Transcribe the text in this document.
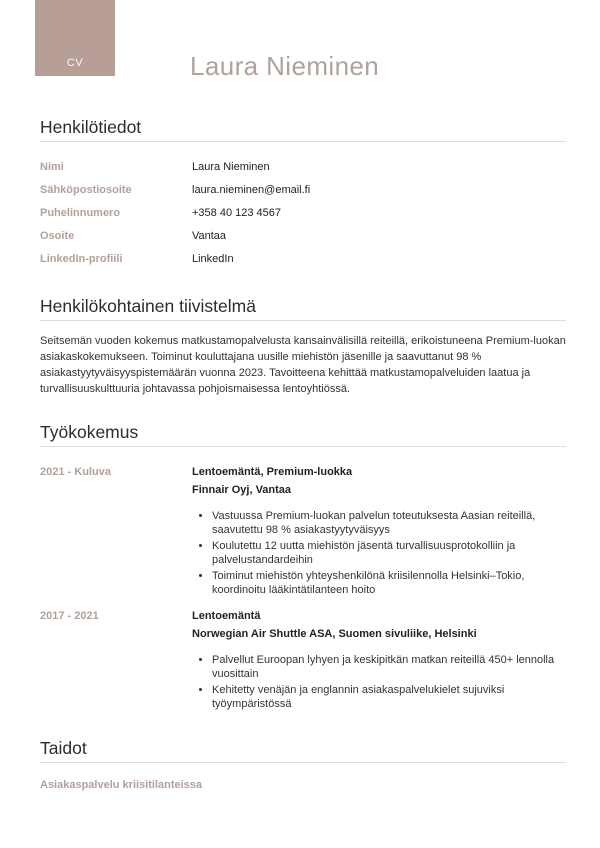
CV	Laura Nieminen
Henkilötiedot
Nimi	Laura Nieminen
Sähköpostiosoite	laura.nieminen@email.fi
Puhelinnumero	+358 40 123 4567
Osoite	Vantaa
LinkedIn-profiili	LinkedIn
Henkilökohtainen tiivistelmä

Seitsemän vuoden kokemus matkustamopalvelusta kansainvälisillä reiteillä, erikoistuneena Premium-luokan asiakaskokemukseen. Toiminut kouluttajana uusille miehistön jäsenille ja saavuttanut 98 % asiakastyytyväisyyspistemäärän vuonna 2023. Tavoitteena kehittää matkustamopalveluiden laatua ja turvallisuuskulttuuria johtavassa pohjoismaisessa lentoyhtiössä.

Työkokemus
2021 - Kuluva	Lentoemäntä, Premium-luokka
Finnair Oyj, Vantaa
• Vastuussa Premium-luokan palvelun toteutuksesta Aasian reiteillä, saavutettu 98 % asiakastyytyväisyys
• Koulutettu 12 uutta miehistön jäsentä turvallisuusprotokolliin ja palvelustandardeihin
• Toiminut miehistön yhteyshenkilönä kriisilennolla Helsinki–Tokio, koordinoitu lääkintätilanteen hoito
2017 - 2021	Lentoemäntä
Norwegian Air Shuttle ASA, Suomen sivuliike, Helsinki
• Palvellut Euroopan lyhyen ja keskipitkän matkan reiteillä 450+ lennolla vuosittain
• Kehitetty venäjän ja englannin asiakaspalvelukielet sujuviksi työympäristössä
Taidot
Asiakaspalvelu kriisitilanteissa
